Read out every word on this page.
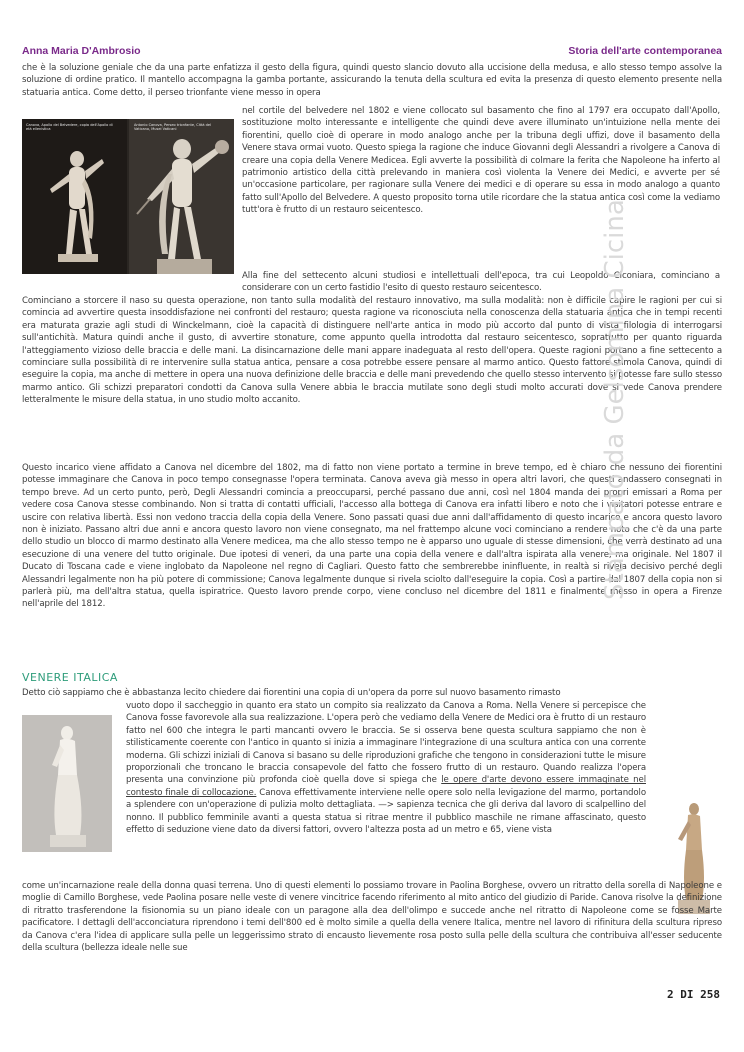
Anna Maria D'Ambrosio	Storia dell'arte contemporanea

che è la soluzione geniale che da una parte enfatizza il gesto della figura, quindi questo slancio dovuto alla uccisione della medusa, e allo stesso tempo assolve la soluzione di ordine pratico. Il mantello accompagna la gamba portante, assicurando la tenuta della scultura ed evita la presenza di questo elemento presente nella statuaria antica. Come detto, il perseo trionfante viene messo in opera

Canova, Apollo del Belvedere, copia dell'Apollo di età ellenistica
Antonio Canova, Perseo trionfante, Città del Vaticano, Musei Vaticani

nel cortile del belvedere nel 1802 e viene collocato sul basamento che fino al 1797 era occupato dall'Apollo, sostituzione molto interessante e intelligente che quindi deve avere illuminato un'intuizione nella mente dei fiorentini, quello cioè di operare in modo analogo anche per la tribuna degli uffizi, dove il basamento della Venere stava ormai vuoto. Questo spiega la ragione che induce Giovanni degli Alessandri a rivolgere a Canova di creare una copia della Venere Medicea. Egli avverte la possibilità di colmare la ferita che Napoleone ha inferto al patrimonio artistico della città prelevando in maniera così violenta la Venere dei Medici, e avverte per sé un'occasione particolare, per ragionare sulla Venere dei medici e di operare su essa in modo analogo a quanto fatto sull'Apollo del Belvedere. A questo proposito torna utile ricordare che la statua antica così come la vediamo tutt'ora è frutto di un restauro seicentesco.

Alla fine del settecento alcuni studiosi e intellettuali dell'epoca, tra cui Leopoldo Ciconiara, cominciano a considerare con un certo fastidio l'esito di questo restauro seicentesco.

Cominciano a storcere il naso su questa operazione, non tanto sulla modalità del restauro innovativo, ma sulla modalità: non è difficile capire le ragioni per cui si comincia ad avvertire questa insoddisfazione nei confronti del restauro; questa ragione va riconosciuta nella conoscenza della statuaria antica che in tempi recenti era maturata grazie agli studi di Winckelmann, cioè la capacità di distinguere nell'arte antica in modo più accorto dal punto di vista filologia di interrogarsi sull'antichità. Matura quindi anche il gusto, di avvertire stonature, come appunto quella introdotta dal restauro seicentesco, soprattutto per quanto riguarda l'atteggiamento vizioso delle braccia e delle mani. La disincarnazione delle mani appare inadeguata al resto dell'opera. Queste ragioni portano a fine settecento a cominciare sulla possibilità di re intervenire sulla statua antica, pensare a cosa potrebbe essere pensare al marmo antico. Questo fattore stimola Canova, quindi di eseguire la copia, ma anche di mettere in opera una nuova definizione delle braccia e delle mani prevedendo che quello stesso intervento si potesse fare sullo stesso marmo antico. Gli schizzi preparatori condotti da Canova sulla Venere abbia le braccia mutilate sono degli studi molto accurati dove si vede Canova prendere letteralmente le misure della statua, in uno studio molto accanito.

Questo incarico viene affidato a Canova nel dicembre del 1802, ma di fatto non viene portato a termine in breve tempo, ed è chiaro che nessuno dei fiorentini potesse immaginare che Canova in poco tempo consegnasse l'opera terminata. Canova aveva già messo in opera altri lavori, che questi andassero consegnati in tempo breve. Ad un certo punto, però, Degli Alessandri comincia a preoccuparsi, perché passano due anni, così nel 1804 manda dei propri emissari a Roma per vedere cosa Canova stesse combinando. Non si tratta di contatti ufficiali, l'accesso alla bottega di Canova era infatti libero e noto che i visitatori potesse entrare e uscire con relativa libertà. Essi non vedono traccia della copia della Venere. Sono passati quasi due anni dall'affidamento di questo incarico e ancora questo lavoro non è iniziato. Passano altri due anni e ancora questo lavoro non viene consegnato, ma nel frattempo alcune voci cominciano a rendere noto che c'è da una parte dello studio un blocco di marmo destinato alla Venere medicea, ma che allo stesso tempo ne è apparso uno uguale di stesse dimensioni, che verrà destinato ad una esecuzione di una venere del tutto originale. Due ipotesi di veneri, da una parte una copia della venere e dall'altra ispirata alla venere, ma originale. Nel 1807 il Ducato di Toscana cade e viene inglobato da Napoleone nel regno di Cagliari. Questo fatto che sembrerebbe ininfluente, in realtà si rivela decisivo perché degli Alessandri legalmente non ha più potere di commissione; Canova legalmente dunque si rivela sciolto dall'eseguire la copia. Così a partire dal 1807 della copia non si parlerà più, ma dell'altra statua, quella ispiratrice. Questo lavoro prende corpo, viene concluso nel dicembre del 1811 e finalmente messo in opera a Firenze nell'aprile del 1812.

VENERE ITALICA

Detto ciò sappiamo che è abbastanza lecito chiedere dai fiorentini una copia di un'opera da porre sul nuovo basamento rimasto

vuoto dopo il saccheggio in quanto era stato un compito sia realizzato da Canova a Roma. Nella Venere si percepisce che Canova fosse favorevole alla sua realizzazione. L'opera però che vediamo della Venere de Medici ora è frutto di un restauro fatto nel 600 che integra le parti mancanti ovvero le braccia. Se si osserva bene questa scultura sappiamo che non è stilisticamente coerente con l'antico in quanto si inizia a immaginare l'integrazione di una scultura antica con una corrente moderna. Gli schizzi iniziali di Canova si basano su delle riproduzioni grafiche che tengono in considerazioni tutte le misure proporzionali che troncano le braccia consapevole del fatto che fossero frutto di un restauro. Quando realizza l'opera presenta una convinzione più profonda cioè quella dove si spiega che le opere d'arte devono essere immaginate nel contesto finale di collocazione. Canova effettivamente interviene nelle opere solo nella levigazione del marmo, portandolo a splendere con un'operazione di pulizia molto dettagliata. —> sapienza tecnica che gli deriva dal lavoro di scalpellino del nonno. Il pubblico femminile avanti a questa statua si ritrae mentre il pubblico maschile ne rimane affascinato, questo effetto di seduzione viene dato da diversi fattori, ovvero l'altezza posta ad un metro e 65, viene vista

come un'incarnazione reale della donna quasi terrena. Uno di questi elementi lo possiamo trovare in Paolina Borghese, ovvero un ritratto della sorella di Napoleone e moglie di Camillo Borghese, vede Paolina posare nelle veste di venere vincitrice facendo riferimento al mito antico del giudizio di Paride. Canova risolve la definizione di ritratto trasferendone la fisionomia su un piano ideale con un paragone alla dea dell'olimpo e succede anche nel ritratto di Napoleone come se fosse Marte pacificatore. I dettagli dell'acconciatura riprendono i temi dell'800 ed è molto simile a quella della venere Italica, mentre nel lavoro di rifinitura della scultura ripreso da Canova c'era l'idea di applicare sulla pelle un leggerissimo strato di encausto lievemente rosa posto sulla pelle della scultura che contribuiva all'esser seducente della scultura (bellezza ideale nelle sue

Stampato da Gelsomina Cicina
2 DI 258
